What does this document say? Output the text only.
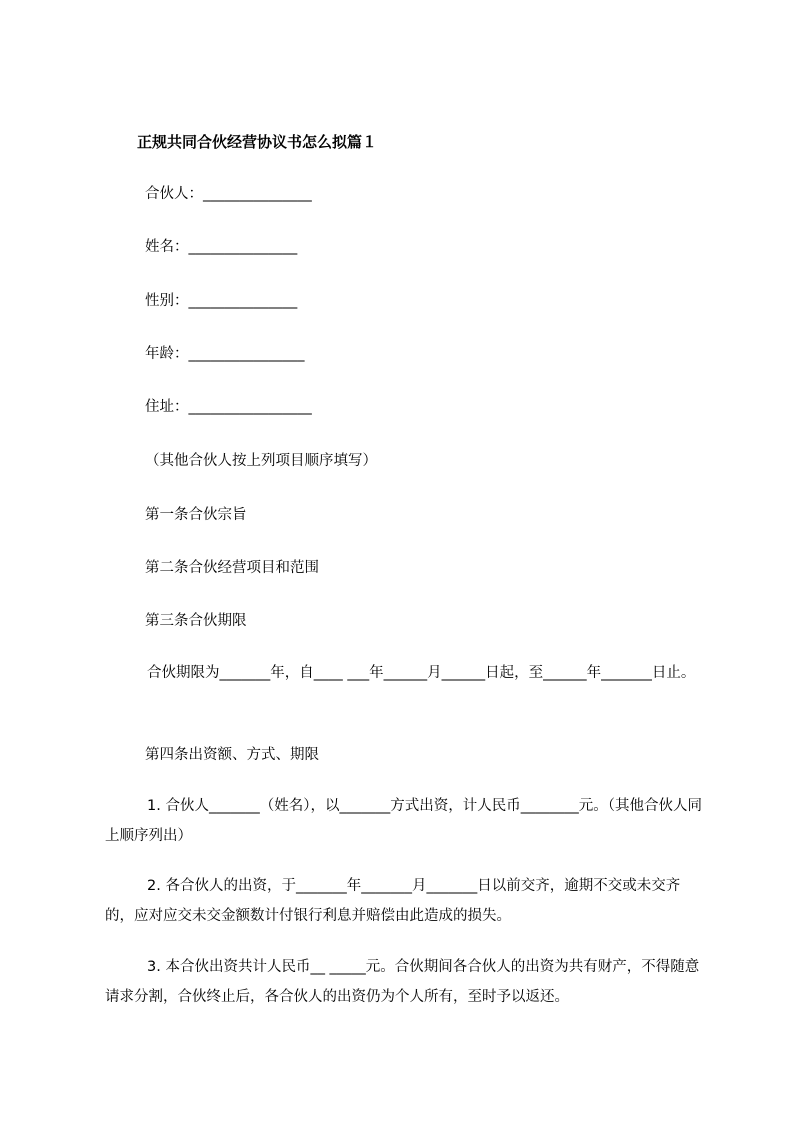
正规共同合伙经营协议书怎么拟篇１
合伙人：_______________
姓名：_______________
性别：_______________
年龄：________________
住址：_________________
（其他合伙人按上列项目顺序填写）
第一条合伙宗旨
第二条合伙经营项目和范围
第三条合伙期限
合伙期限为_______年，自____ ___年______月______日起，至______年_______日止。
第四条出资额、方式、期限
1. 合伙人_______（姓名），以_______方式出资，计人民币________元。（其他合伙人同上顺序列出）
2. 各合伙人的出资，于_______年_______月_______日以前交齐，逾期不交或未交齐的，应对应交未交金额数计付银行利息并赔偿由此造成的损失。
3. 本合伙出资共计人民币__ _____元。合伙期间各合伙人的出资为共有财产，不得随意请求分割，合伙终止后，各合伙人的出资仍为个人所有，至时予以返还。
